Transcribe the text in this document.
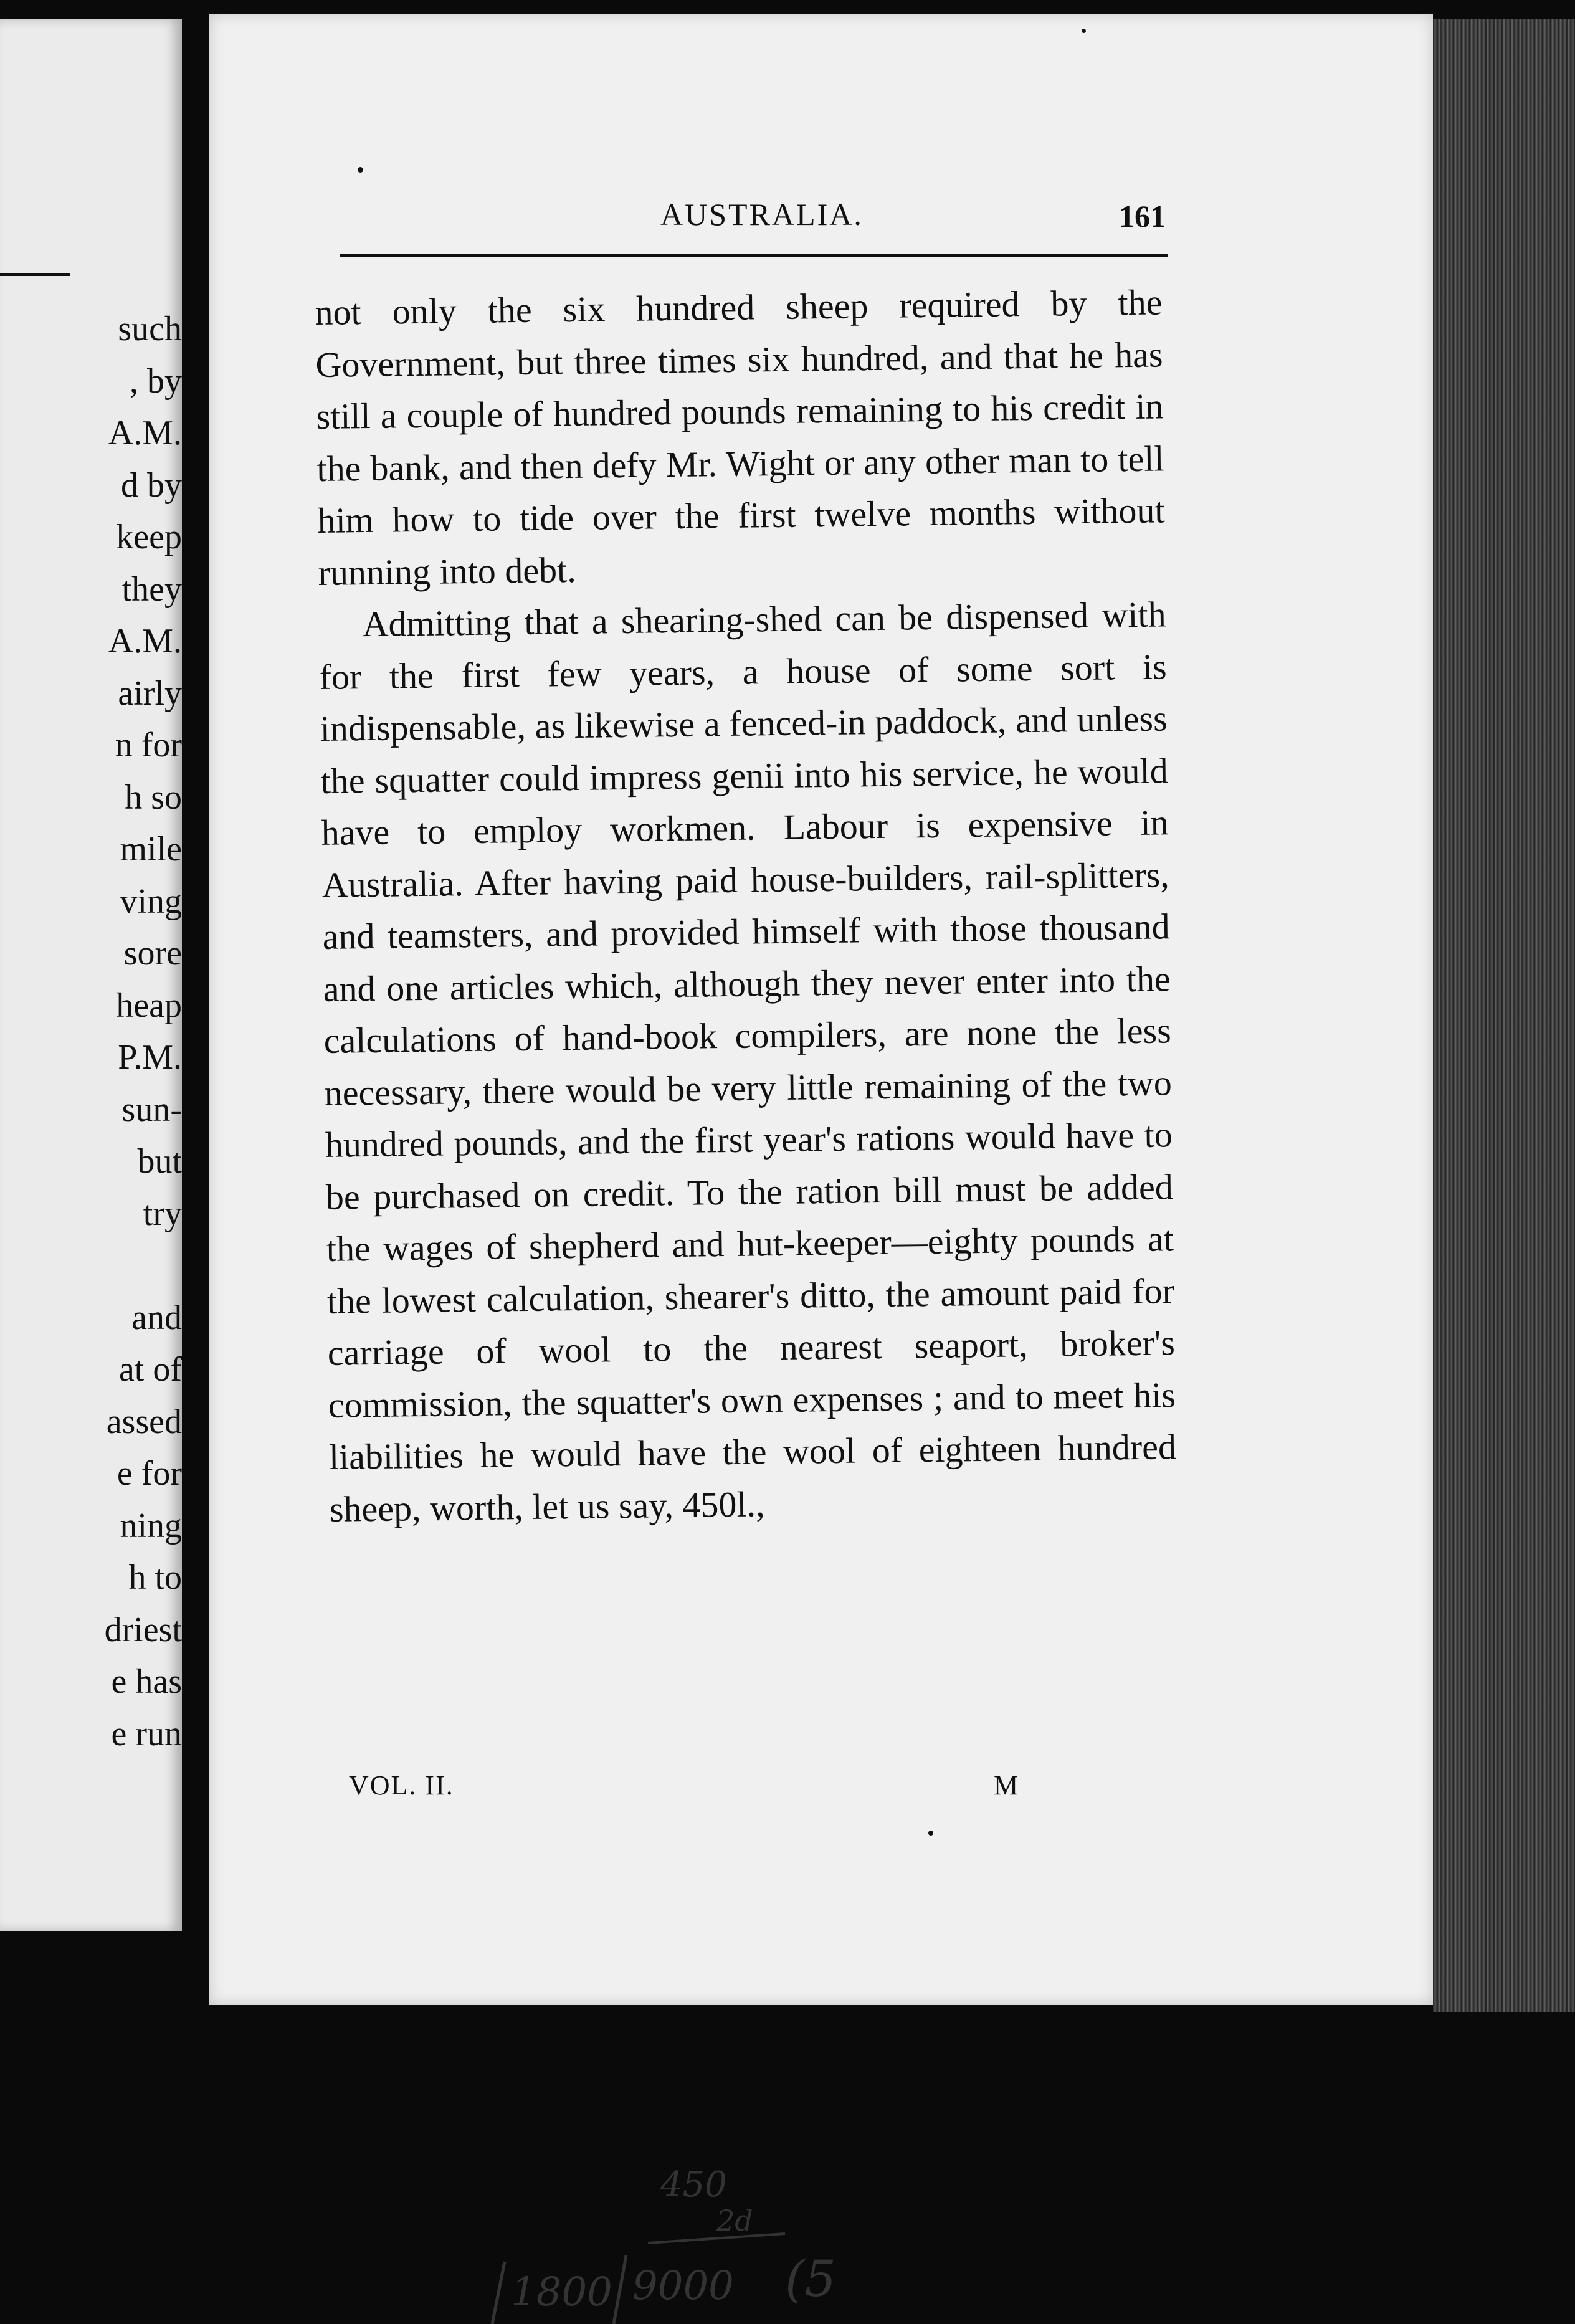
such
, by
A.M.
d by
keep
they
A.M.
airly
n for
h so
mile
ving
sore
heap
P.M.
sun-
but
try
and
at of
assed
e for
ning
h to
driest
e has
e run
AUSTRALIA.	161

not only the six hundred sheep required by the Government, but three times six hundred, and that he has still a couple of hundred pounds remaining to his credit in the bank, and then defy Mr. Wight or any other man to tell him how to tide over the first twelve months without running into debt.

Admitting that a shearing-shed can be dispensed with for the first few years, a house of some sort is indispensable, as likewise a fenced-in paddock, and unless the squatter could impress genii into his service, he would have to employ workmen. Labour is expensive in Australia. After having paid house-builders, rail-splitters, and teamsters, and provided himself with those thousand and one articles which, although they never enter into the calculations of hand-book compilers, are none the less necessary, there would be very little remaining of the two hundred pounds, and the first year's rations would have to be purchased on credit. To the ration bill must be added the wages of shepherd and hut-keeper—eighty pounds at the lowest calculation, shearer's ditto, the amount paid for carriage of wool to the nearest seaport, broker's commission, the squatter's own expenses ; and to meet his liabilities he would have the wool of eighteen hundred sheep, worth, let us say, 450l.,

VOL. II.	M
450
2d
1800 9000 (5
